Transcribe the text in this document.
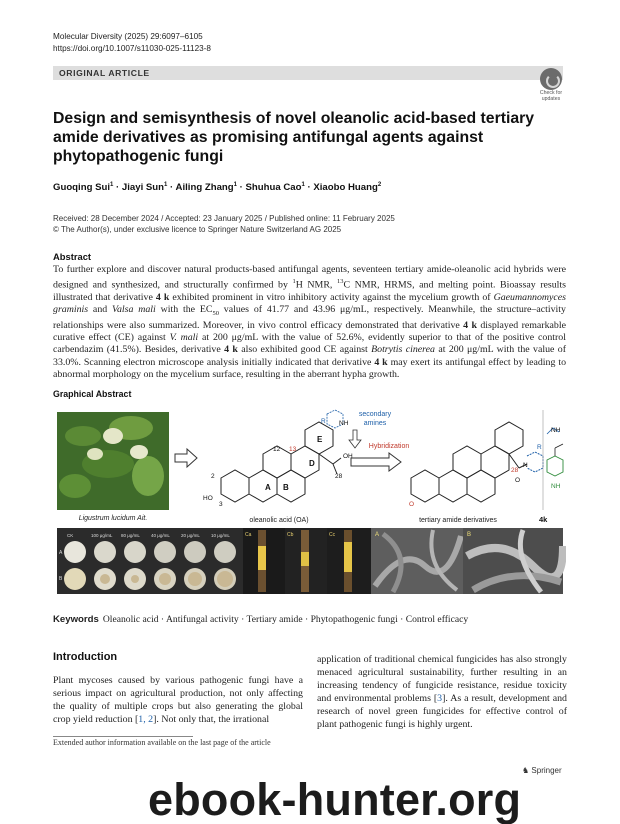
Molecular Diversity (2025) 29:6097–6105
https://doi.org/10.1007/s11030-025-11123-8
ORIGINAL ARTICLE
Check for updates
Design and semisynthesis of novel oleanolic acid-based tertiary amide derivatives as promising antifungal agents against phytopathogenic fungi
Guoqing Sui$^1$ · Jiayi Sun$^1$ · Ailing Zhang$^1$ · Shuhua Cao$^1$ · Xiaobo Huang$^2$
Received: 28 December 2024 / Accepted: 23 January 2025 / Published online: 11 February 2025
© The Author(s), under exclusive licence to Springer Nature Switzerland AG 2025
Abstract
To further explore and discover natural products-based antifungal agents, seventeen tertiary amide-oleanolic acid hybrids were designed and synthesized, and structurally confirmed by $^1$H NMR, $^{13}$C NMR, HRMS, and melting point. Bioassay results illustrated that derivative 4 k exhibited prominent in vitro inhibitory activity against the mycelium growth of Gaeumannomyces graminis and Valsa mali with the $EC_{50}$ values of 41.77 and 43.96 μg/mL, respectively. Meanwhile, the structure–activity relationships were also summarized. Moreover, in vivo control efficacy demonstrated that derivative 4 k displayed remarkable curative effect (CE) against V. mali at 200 μg/mL with the value of 52.6%, evidently superior to that of the positive control carbendazim (41.5%). Besides, derivative 4 k also exhibited good CE against Botrytis cinerea at 200 μg/mL with the value of 33.0%. Scanning electron microscope analysis initially indicated that derivative 4 k may exert its antifungal effect by leading to abnormal morphology on the mycelium surface, resulting in the aberrant hypha growth.
Graphical Abstract
Ligustrum lucidum Ait.
A B
D
E
2
3
12 13
28
OH
HO
oleanolic acid (OA)
R NH
secondary
amines
Hybridization
O
28
O
N
R
tertiary amide derivatives
NH
NH
4k
CK	100 μg/mL 80 μg/mL 40 μg/mL 20 μg/mL 10 μg/mL
A
B
Ca	Cb	Cc	A	B
Keywords Oleanolic acid · Antifungal activity · Tertiary amide · Phytopathogenic fungi · Control efficacy
Introduction
Plant mycoses caused by various pathogenic fungi have a serious impact on agricultural production, not only affecting the quality of multiple crops but also generating the global crop yield reduction [1, 2]. Not only that, the irrational
application of traditional chemical fungicides has also strongly menaced agricultural sustainability, further resulting in an increasing tendency of fungicide resistance, residue toxicity and environmental problems [3]. As a result, development and research of novel green fungicides for effective control of plant pathogenic fungi is highly urgent.
Extended author information available on the last page of the article
♞ Springer
ebook-hunter.org
